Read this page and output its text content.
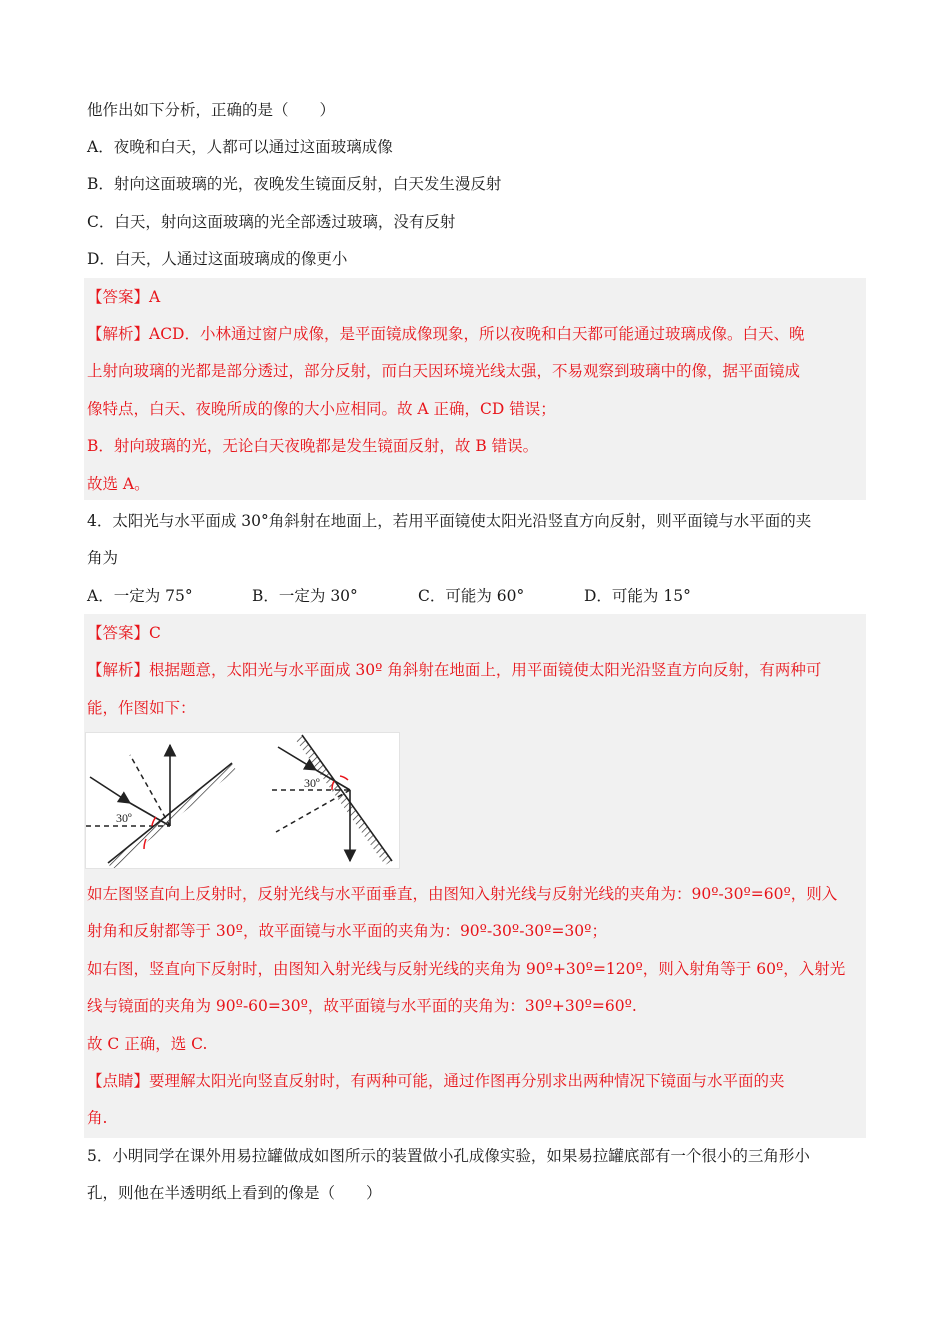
他作出如下分析，正确的是（　　）
A．夜晚和白天，人都可以通过这面玻璃成像
B．射向这面玻璃的光，夜晚发生镜面反射，白天发生漫反射
C．白天，射向这面玻璃的光全部透过玻璃，没有反射
D．白天，人通过这面玻璃成的像更小
【答案】A
【解析】ACD．小林通过窗户成像，是平面镜成像现象，所以夜晚和白天都可能通过玻璃成像。白天、晚
上射向玻璃的光都是部分透过，部分反射，而白天因环境光线太强，不易观察到玻璃中的像，据平面镜成
像特点，白天、夜晚所成的像的大小应相同。故 A 正确，CD 错误；
B．射向玻璃的光，无论白天夜晚都是发生镜面反射，故 B 错误。
故选 A。
4．太阳光与水平面成 30°角斜射在地面上，若用平面镜使太阳光沿竖直方向反射，则平面镜与水平面的夹
角为
A．一定为 75°	B．一定为 30°	C．可能为 60°	D．可能为 15°
【答案】C
【解析】根据题意，太阳光与水平面成 30º 角斜射在地面上，用平面镜使太阳光沿竖直方向反射，有两种可
能，作图如下：
30º
30º
如左图竖直向上反射时，反射光线与水平面垂直，由图知入射光线与反射光线的夹角为：90º-30º=60º，则入
射角和反射都等于 30º，故平面镜与水平面的夹角为：90º-30º-30º=30º；
如右图，竖直向下反射时，由图知入射光线与反射光线的夹角为 90º+30º=120º，则入射角等于 60º，入射光
线与镜面的夹角为 90º-60=30º，故平面镜与水平面的夹角为：30º+30º=60º.
故 C 正确，选 C.
【点睛】要理解太阳光向竖直反射时，有两种可能，通过作图再分别求出两种情况下镜面与水平面的夹
角.
5．小明同学在课外用易拉罐做成如图所示的装置做小孔成像实验，如果易拉罐底部有一个很小的三角形小
孔，则他在半透明纸上看到的像是（　　）
